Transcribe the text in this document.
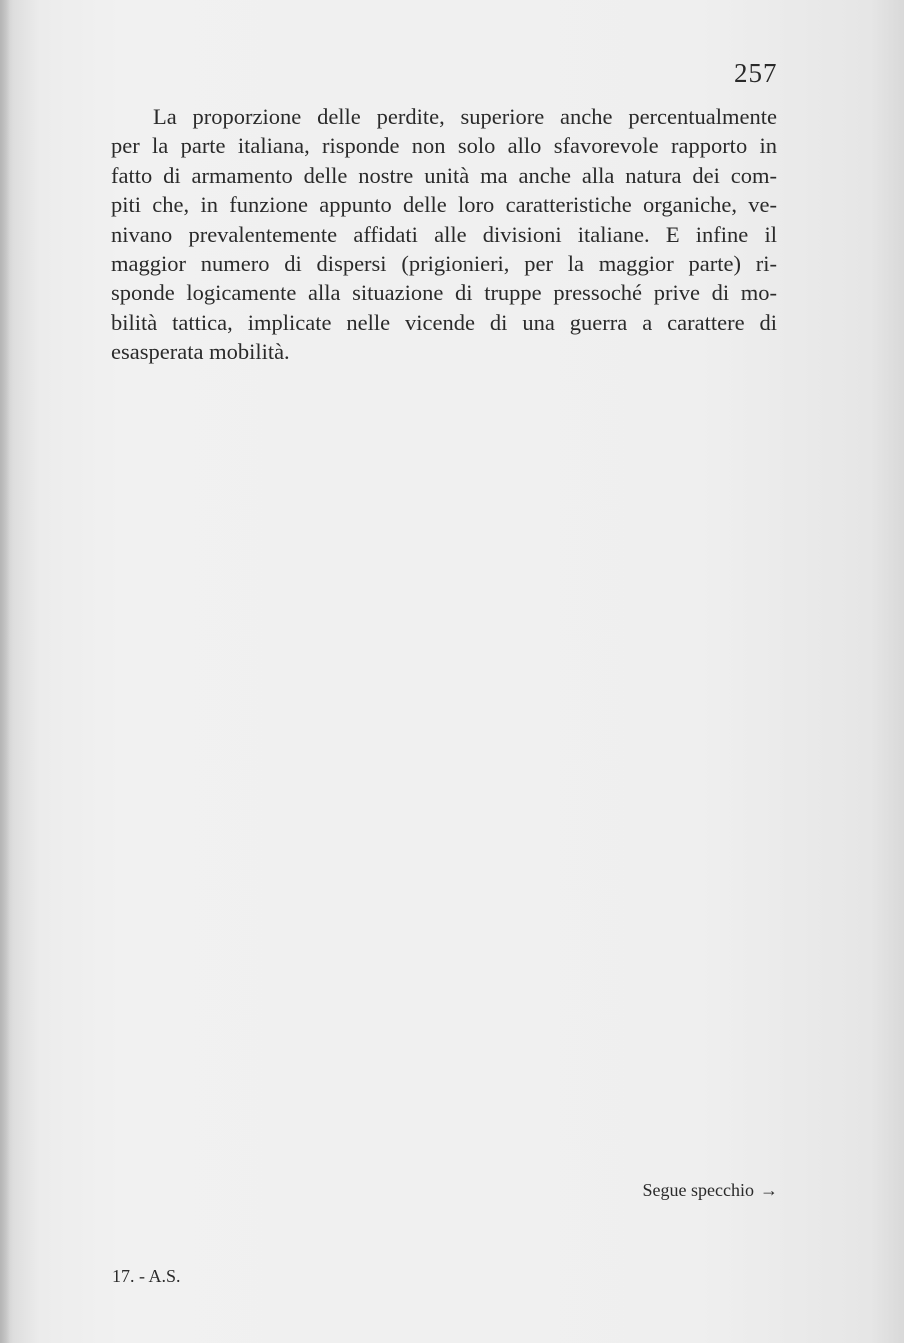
257
La proporzione delle perdite, superiore anche percentualmente
per la parte italiana, risponde non solo allo sfavorevole rapporto in
fatto di armamento delle nostre unità ma anche alla natura dei com-
piti che, in funzione appunto delle loro caratteristiche organiche, ve-
nivano prevalentemente affidati alle divisioni italiane. E infine il
maggior numero di dispersi (prigionieri, per la maggior parte) ri-
sponde logicamente alla situazione di truppe pressoché prive di mo-
bilità tattica, implicate nelle vicende di una guerra a carattere di
esasperata mobilità.
Segue specchio →
17. - A.S.
